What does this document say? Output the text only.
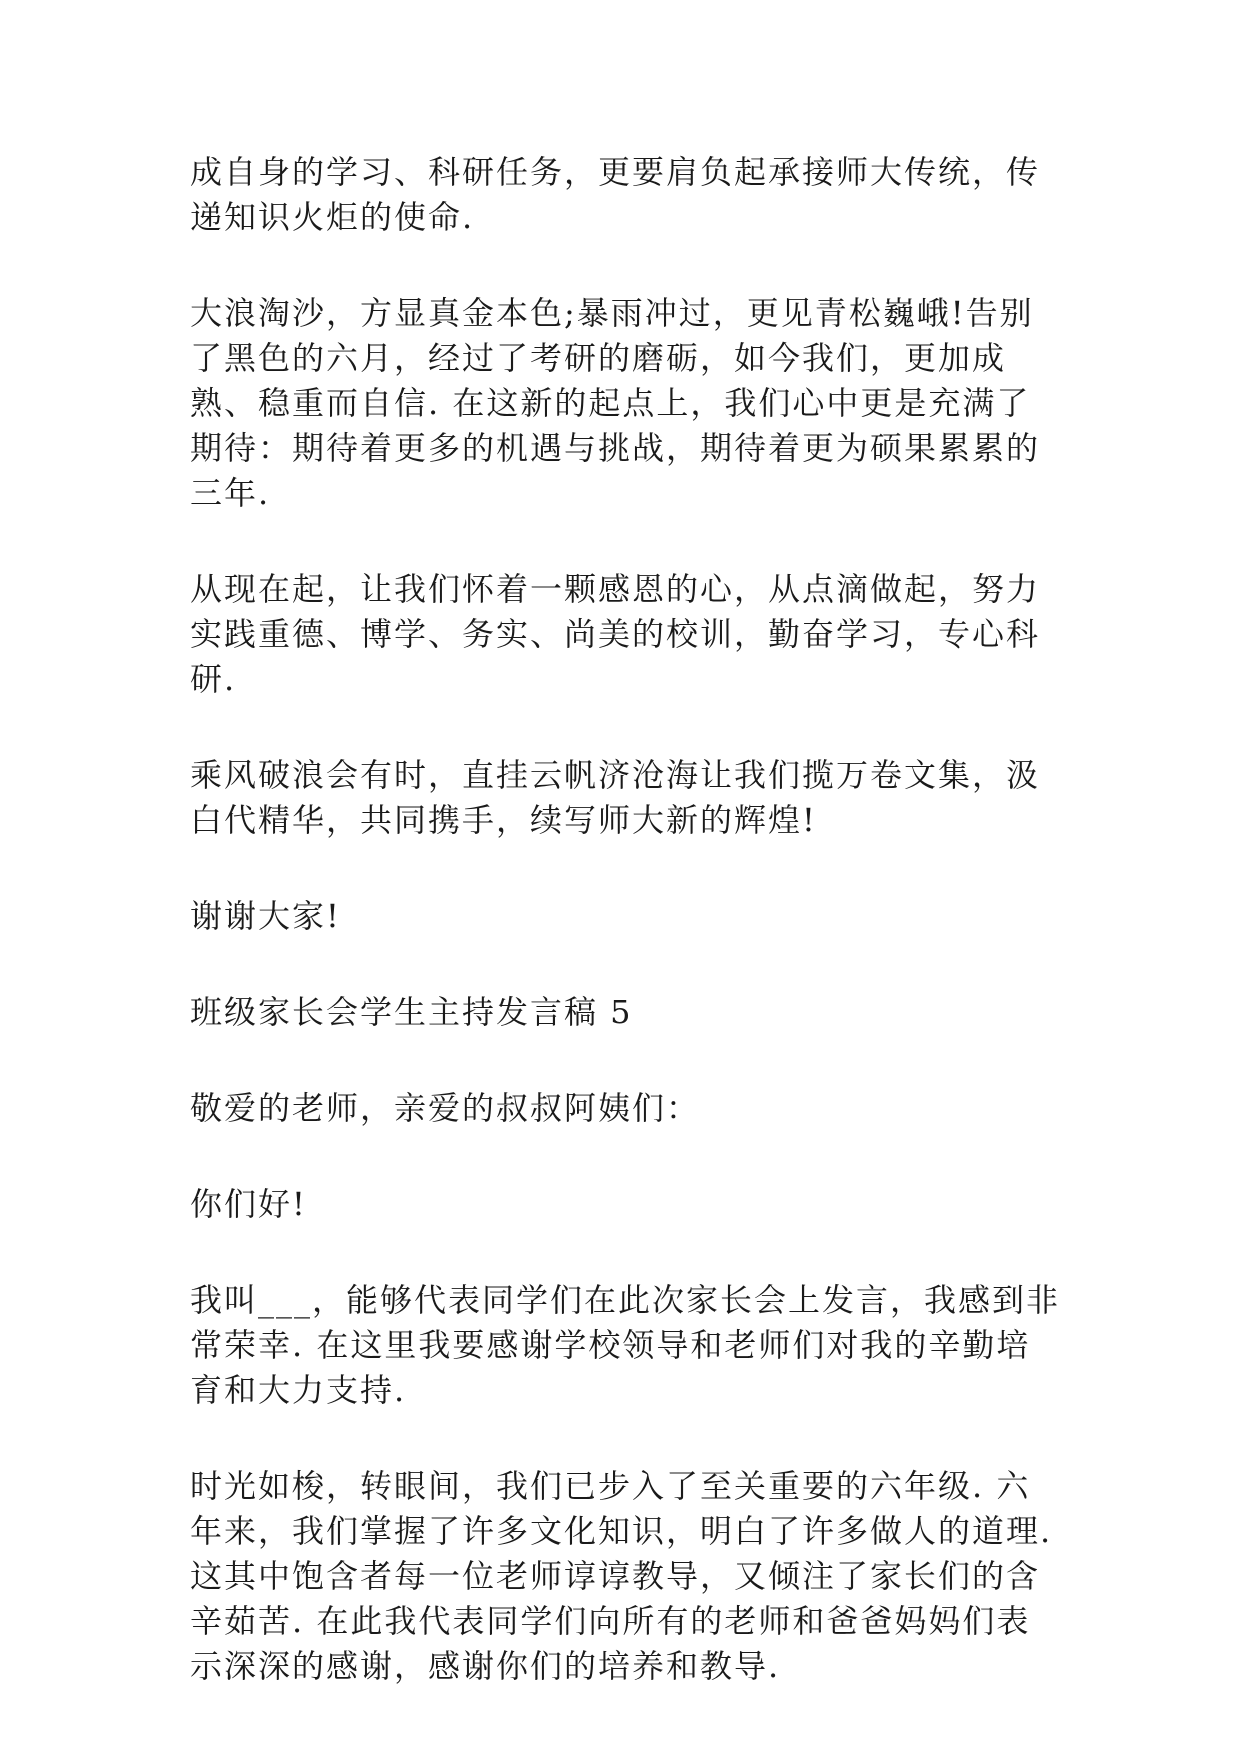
成自身的学习、科研任务，更要肩负起承接师大传统，传
递知识火炬的使命.
大浪淘沙，方显真金本色;暴雨冲过，更见青松巍峨!告别
了黑色的六月，经过了考研的磨砺，如今我们，更加成
熟、稳重而自信. 在这新的起点上，我们心中更是充满了
期待：期待着更多的机遇与挑战，期待着更为硕果累累的
三年.
从现在起，让我们怀着一颗感恩的心，从点滴做起，努力
实践重德、博学、务实、尚美的校训，勤奋学习，专心科
研.
乘风破浪会有时，直挂云帆济沧海让我们揽万卷文集，汲
白代精华，共同携手，续写师大新的辉煌!
谢谢大家!
班级家长会学生主持发言稿 5
敬爱的老师，亲爱的叔叔阿姨们：
你们好!
我叫___，能够代表同学们在此次家长会上发言，我感到非
常荣幸. 在这里我要感谢学校领导和老师们对我的辛勤培
育和大力支持.
时光如梭，转眼间，我们已步入了至关重要的六年级. 六
年来，我们掌握了许多文化知识，明白了许多做人的道理.
这其中饱含者每一位老师谆谆教导，又倾注了家长们的含
辛茹苦. 在此我代表同学们向所有的老师和爸爸妈妈们表
示深深的感谢，感谢你们的培养和教导.
